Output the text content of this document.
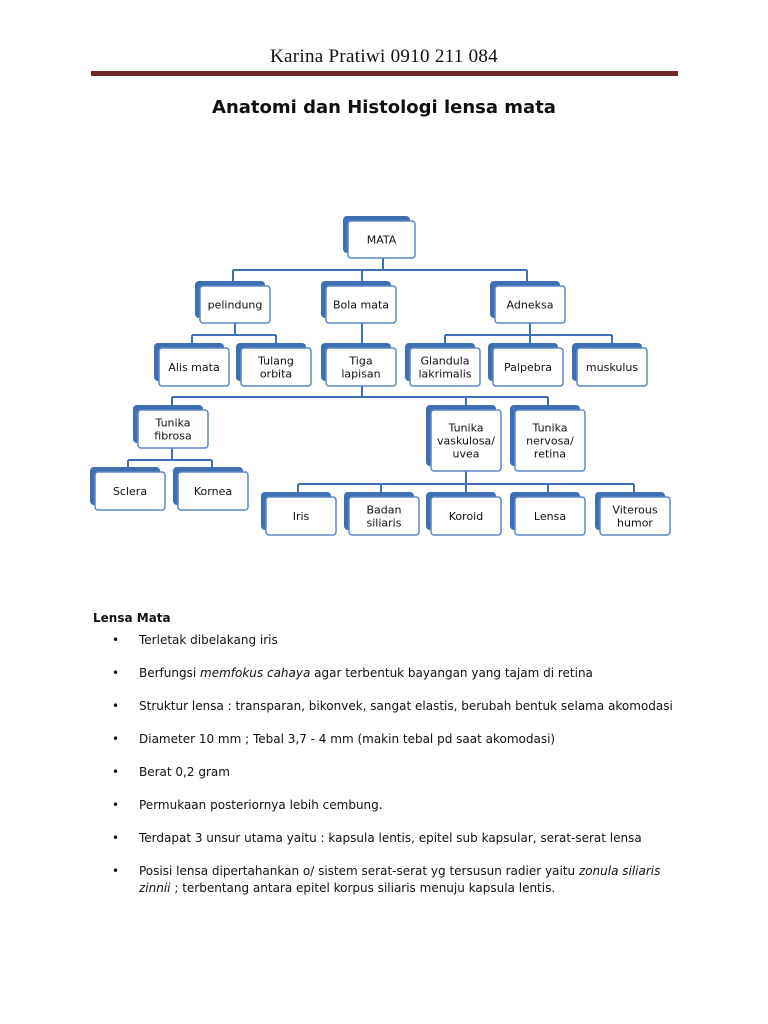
Karina Pratiwi 0910 211 084
Anatomi dan Histologi lensa mata
MATA
pelindung	Bola mata	Adneksa
Alis mata	Tulang
orbita
Tiga
lapisan
Glandula
lakrimalis	Palpebra	muskulus
Tunika
fibrosa
Tunika
vaskulosa/
uvea
Tunika
nervosa/
retina
Sclera	Kornea
Iris	Badan
siliaris	Koroid	Lensa	Viterous
humor
Lensa Mata
• Terletak dibelakang iris
• Berfungsi memfokus cahaya agar terbentuk bayangan yang tajam di retina
• Struktur lensa : transparan, bikonvek, sangat elastis, berubah bentuk selama akomodasi
• Diameter 10 mm ; Tebal 3,7 - 4 mm (makin tebal pd saat akomodasi)
• Berat 0,2 gram
• Permukaan posteriornya lebih cembung.
• Terdapat 3 unsur utama yaitu : kapsula lentis, epitel sub kapsular, serat-serat lensa
• Posisi lensa dipertahankan o/ sistem serat-serat yg tersusun radier yaitu zonula siliaris zinnii ; terbentang antara epitel korpus siliaris menuju kapsula lentis.
